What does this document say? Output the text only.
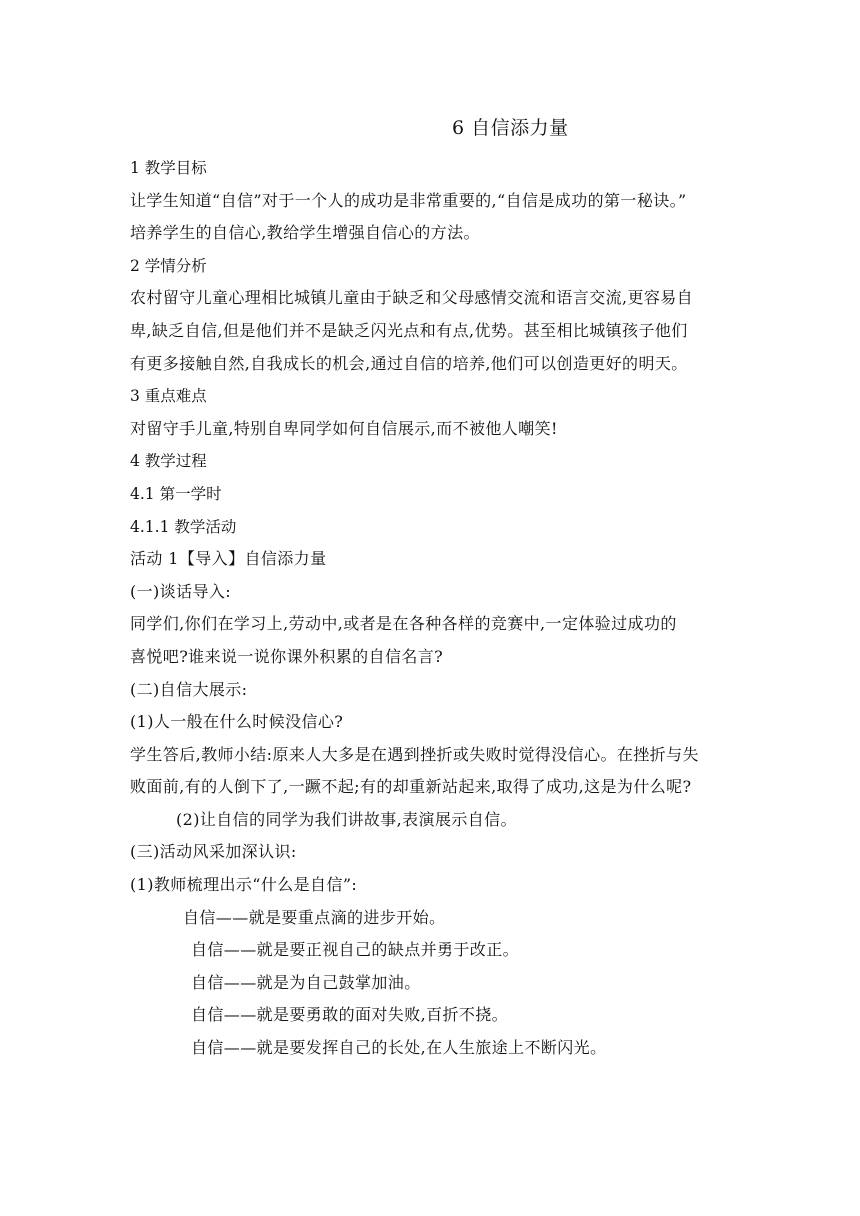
6 自信添力量
1 教学目标
让学生知道“自信”对于一个人的成功是非常重要的,“自信是成功的第一秘诀。”
培养学生的自信心,教给学生增强自信心的方法。
2 学情分析
农村留守儿童心理相比城镇儿童由于缺乏和父母感情交流和语言交流,更容易自
卑,缺乏自信,但是他们并不是缺乏闪光点和有点,优势。甚至相比城镇孩子他们
有更多接触自然,自我成长的机会,通过自信的培养,他们可以创造更好的明天。
3 重点难点
对留守手儿童,特别自卑同学如何自信展示,而不被他人嘲笑!
4 教学过程
4.1 第一学时
4.1.1 教学活动
活动 1【导入】自信添力量
(一)谈话导入:
同学们,你们在学习上,劳动中,或者是在各种各样的竞赛中,一定体验过成功的
喜悦吧?谁来说一说你课外积累的自信名言?
(二)自信大展示:
(1)人一般在什么时候没信心?
学生答后,教师小结:原来人大多是在遇到挫折或失败时觉得没信心。在挫折与失
败面前,有的人倒下了,一蹶不起;有的却重新站起来,取得了成功,这是为什么呢?
(2)让自信的同学为我们讲故事,表演展示自信。
(三)活动风采加深认识:
(1)教师梳理出示“什么是自信”:
自信——就是要重点滴的进步开始。
自信——就是要正视自己的缺点并勇于改正。
自信——就是为自己鼓掌加油。
自信——就是要勇敢的面对失败,百折不挠。
自信——就是要发挥自己的长处,在人生旅途上不断闪光。
